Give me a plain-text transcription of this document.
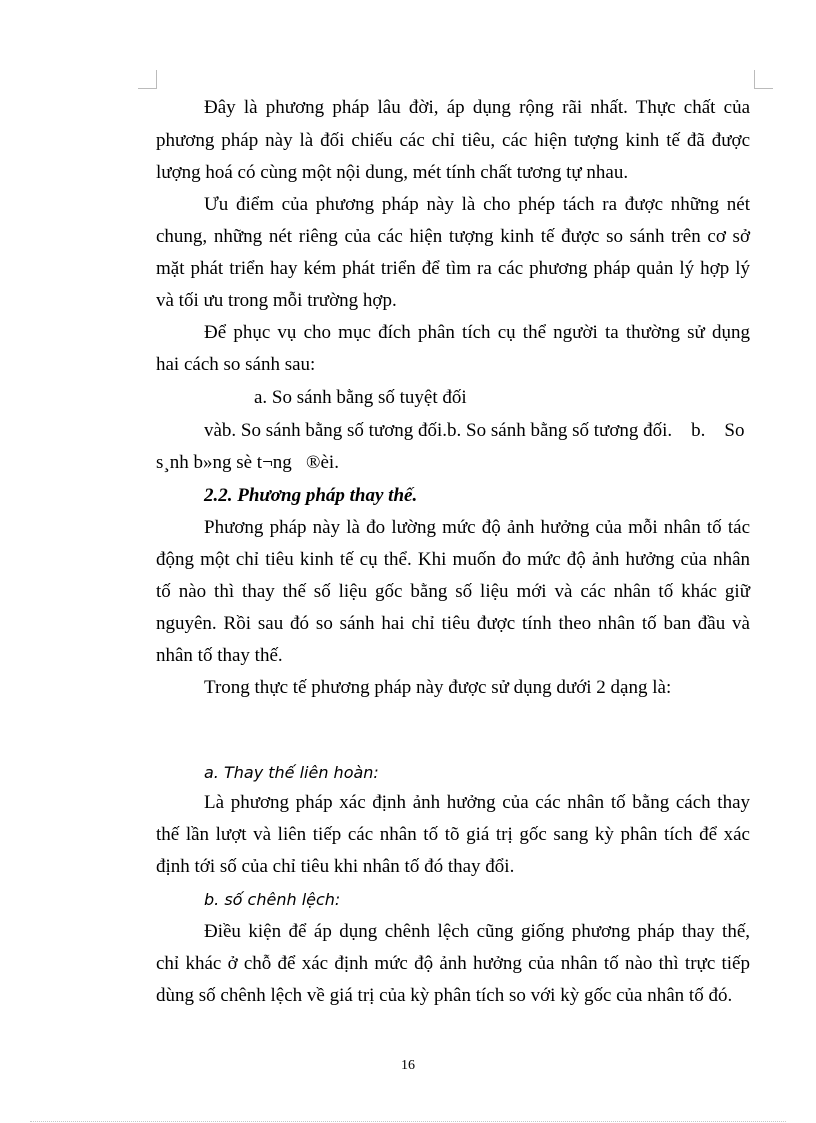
Đây là phương pháp lâu đời, áp dụng rộng rãi nhất. Thực chất của
phương pháp này là đối chiếu các chỉ tiêu, các hiện tượng kinh tế đã được
lượng hoá có cùng một nội dung, mét tính chất tương tự nhau.
Ưu điểm của phương pháp này là cho phép tách ra được những nét
chung, những nét riêng của các hiện tượng kinh tế được so sánh trên cơ sở
mặt phát triển hay kém phát triển để tìm ra các phương pháp quản lý hợp lý
và tối ưu trong mỗi trường hợp.
Để phục vụ cho mục đích phân tích cụ thể người ta thường sử dụng
hai cách so sánh sau:
a. So sánh bằng số tuyệt đối
vàb. So sánh bằng số tương đối.b. So sánh bằng số tương đối.    b.    So
s¸nh b»ng sè t¬ng   ®èi.
2.2. Phương pháp thay thế.
Phương pháp này là đo lường mức độ ảnh hưởng của mỗi nhân tố tác
động một chỉ tiêu kinh tế cụ thể. Khi muốn đo mức độ ảnh hưởng của nhân
tố nào thì thay thế số liệu gốc bằng số liệu mới và các nhân tố khác giữ
nguyên. Rồi sau đó so sánh hai chỉ tiêu được tính theo nhân tố ban đầu và
nhân tố thay thế.
Trong thực tế phương pháp này được sử dụng dưới 2 dạng là:
a. Thay thế liên hoàn:
Là phương pháp xác định ảnh hưởng của các nhân tố bằng cách thay
thế lần lượt và liên tiếp các nhân tố tõ giá trị gốc sang kỳ phân tích để xác
định tới số của chỉ tiêu khi nhân tố đó thay đổi.
b. số chênh lệch:
Điều kiện để áp dụng chênh lệch cũng giống phương pháp thay thế,
chỉ khác ở chỗ để xác định mức độ ảnh hưởng của nhân tố nào thì trực tiếp
dùng số chênh lệch về giá trị của kỳ phân tích so với kỳ gốc của nhân tố đó.
16
